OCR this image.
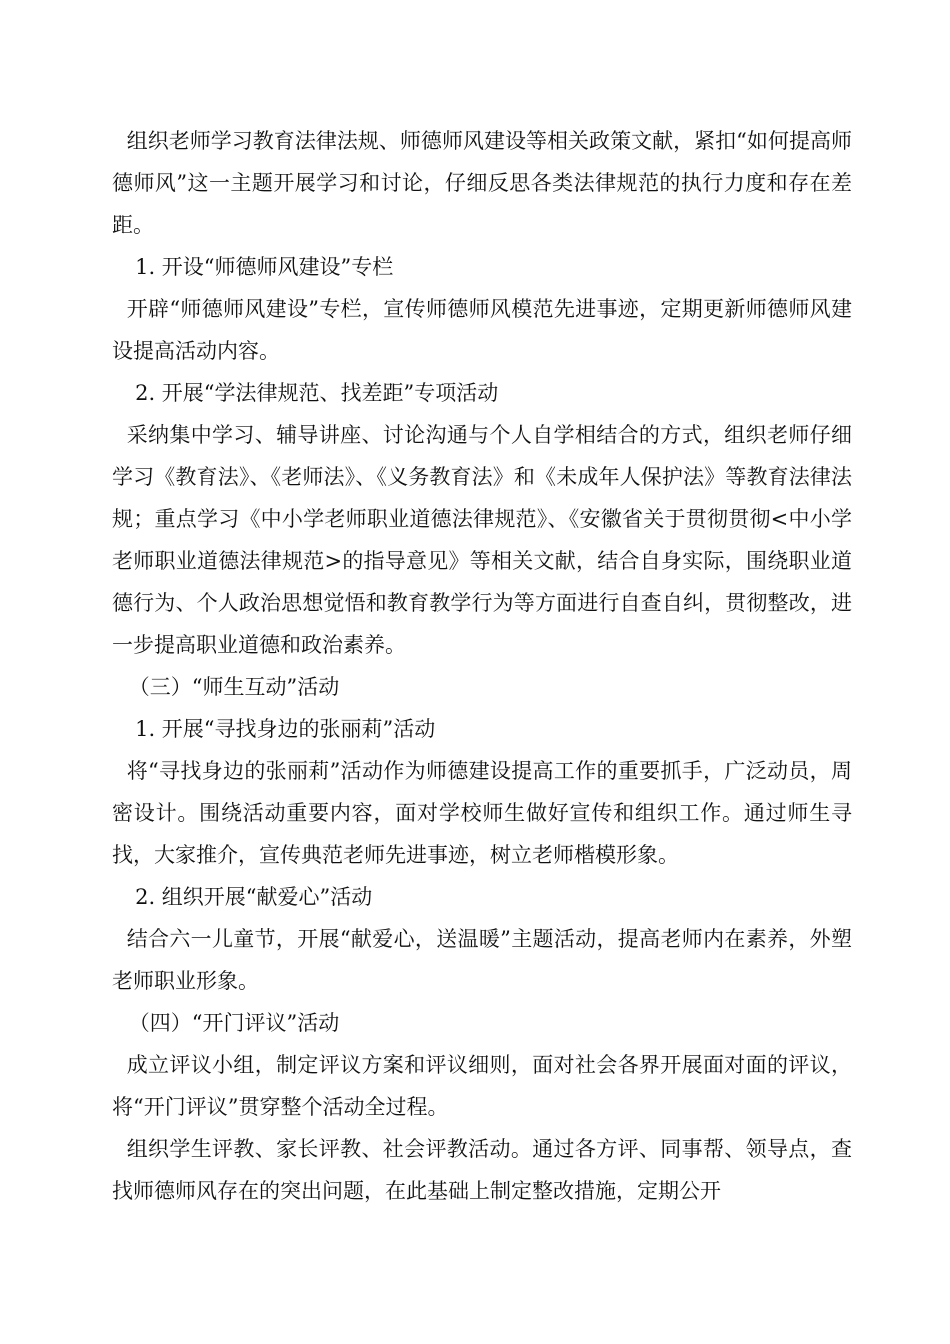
组织老师学习教育法律法规、师德师风建设等相关政策文献，紧扣“如何提高师德师风”这一主题开展学习和讨论，仔细反思各类法律规范的执行力度和存在差距。

1. 开设“师德师风建设”专栏

开辟“师德师风建设”专栏，宣传师德师风模范先进事迹，定期更新师德师风建设提高活动内容。

2. 开展“学法律规范、找差距”专项活动

采纳集中学习、辅导讲座、讨论沟通与个人自学相结合的方式，组织老师仔细学习《教育法》、《老师法》、《义务教育法》和《未成年人保护法》等教育法律法规；重点学习《中小学老师职业道德法律规范》、《安徽省关于贯彻贯彻<中小学老师职业道德法律规范>的指导意见》等相关文献，结合自身实际，围绕职业道德行为、个人政治思想觉悟和教育教学行为等方面进行自查自纠，贯彻整改，进一步提高职业道德和政治素养。

（三）“师生互动”活动

1. 开展“寻找身边的张丽莉”活动

将“寻找身边的张丽莉”活动作为师德建设提高工作的重要抓手，广泛动员，周密设计。围绕活动重要内容，面对学校师生做好宣传和组织工作。通过师生寻找，大家推介，宣传典范老师先进事迹，树立老师楷模形象。

2. 组织开展“献爱心”活动

结合六一儿童节，开展“献爱心，送温暖”主题活动，提高老师内在素养，外塑老师职业形象。

（四）“开门评议”活动

成立评议小组，制定评议方案和评议细则，面对社会各界开展面对面的评议，将“开门评议”贯穿整个活动全过程。

组织学生评教、家长评教、社会评教活动。通过各方评、同事帮、领导点，查找师德师风存在的突出问题，在此基础上制定整改措施，定期公开
